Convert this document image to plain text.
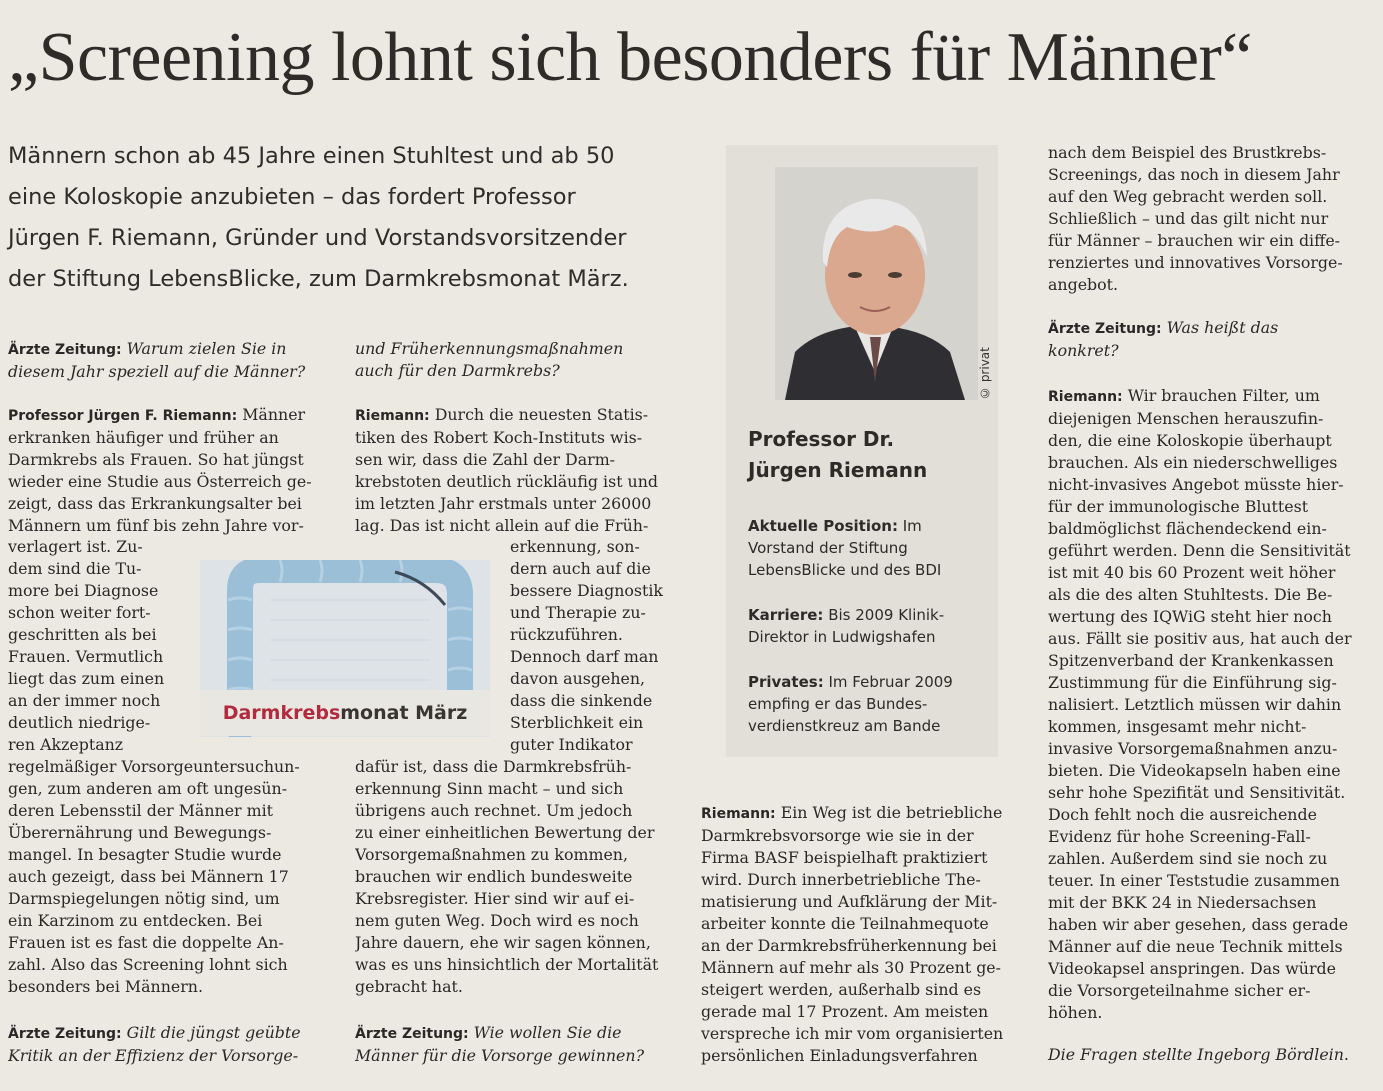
„Screening lohnt sich besonders für Männer“
Männern schon ab 45 Jahre einen Stuhltest und ab 50
eine Koloskopie anzubieten – das fordert Professor
Jürgen F. Riemann, Gründer und Vorstandsvorsitzender
der Stiftung LebensBlicke, zum Darmkrebsmonat März.
Ärzte Zeitung: Warum zielen Sie in
diesem Jahr speziell auf die Männer?
Professor Jürgen F. Riemann: Männer
erkranken häufiger und früher an
Darmkrebs als Frauen. So hat jüngst
wieder eine Studie aus Österreich ge-
zeigt, dass das Erkrankungsalter bei
Männern um fünf bis zehn Jahre vor-
verlagert ist. Zu-
dem sind die Tu-
more bei Diagnose
schon weiter fort-
geschritten als bei
Frauen. Vermutlich
liegt das zum einen
an der immer noch
deutlich niedrige-
ren Akzeptanz
regelmäßiger Vorsorgeuntersuchun-
gen, zum anderen am oft ungesün-
deren Lebensstil der Männer mit
Überernährung und Bewegungs-
mangel. In besagter Studie wurde
auch gezeigt, dass bei Männern 17
Darmspiegelungen nötig sind, um
ein Karzinom zu entdecken. Bei
Frauen ist es fast die doppelte An-
zahl. Also das Screening lohnt sich
besonders bei Männern.
Ärzte Zeitung: Gilt die jüngst geübte
Kritik an der Effizienz der Vorsorge-
Darmkrebs monat März
und Früherkennungsmaßnahmen
auch für den Darmkrebs?
Riemann: Durch die neuesten Statis-
tiken des Robert Koch-Instituts wis-
sen wir, dass die Zahl der Darm-
krebstoten deutlich rückläufig ist und
im letzten Jahr erstmals unter 26000
lag. Das ist nicht allein auf die Früh-
erkennung, son-
dern auch auf die
bessere Diagnostik
und Therapie zu-
rückzuführen.
Dennoch darf man
davon ausgehen,
dass die sinkende
Sterblichkeit ein
guter Indikator
dafür ist, dass die Darmkrebsfrüh-
erkennung Sinn macht – und sich
übrigens auch rechnet. Um jedoch
zu einer einheitlichen Bewertung der
Vorsorgemaßnahmen zu kommen,
brauchen wir endlich bundesweite
Krebsregister. Hier sind wir auf ei-
nem guten Weg. Doch wird es noch
Jahre dauern, ehe wir sagen können,
was es uns hinsichtlich der Mortalität
gebracht hat.
Ärzte Zeitung: Wie wollen Sie die
Männer für die Vorsorge gewinnen?
© privat
Professor Dr.
Jürgen Riemann
Aktuelle Position: Im
Vorstand der Stiftung
LebensBlicke und des BDI
Karriere: Bis 2009 Klinik-
Direktor in Ludwigshafen
Privates: Im Februar 2009
empfing er das Bundes-
verdienstkreuz am Bande
Riemann: Ein Weg ist die betriebliche
Darmkrebsvorsorge wie sie in der
Firma BASF beispielhaft praktiziert
wird. Durch innerbetriebliche The-
matisierung und Aufklärung der Mit-
arbeiter konnte die Teilnahmequote
an der Darmkrebsfrüherkennung bei
Männern auf mehr als 30 Prozent ge-
steigert werden, außerhalb sind es
gerade mal 17 Prozent. Am meisten
verspreche ich mir vom organisierten
persönlichen Einladungsverfahren
nach dem Beispiel des Brustkrebs-
Screenings, das noch in diesem Jahr
auf den Weg gebracht werden soll.
Schließlich – und das gilt nicht nur
für Männer – brauchen wir ein diffe-
renziertes und innovatives Vorsorge-
angebot.
Ärzte Zeitung: Was heißt das
konkret?
Riemann: Wir brauchen Filter, um
diejenigen Menschen herauszufin-
den, die eine Koloskopie überhaupt
brauchen. Als ein niederschwelliges
nicht-invasives Angebot müsste hier-
für der immunologische Bluttest
baldmöglichst flächendeckend ein-
geführt werden. Denn die Sensitivität
ist mit 40 bis 60 Prozent weit höher
als die des alten Stuhltests. Die Be-
wertung des IQWiG steht hier noch
aus. Fällt sie positiv aus, hat auch der
Spitzenverband der Krankenkassen
Zustimmung für die Einführung sig-
nalisiert. Letztlich müssen wir dahin
kommen, insgesamt mehr nicht-
invasive Vorsorgemaßnahmen anzu-
bieten. Die Videokapseln haben eine
sehr hohe Spezifität und Sensitivität.
Doch fehlt noch die ausreichende
Evidenz für hohe Screening-Fall-
zahlen. Außerdem sind sie noch zu
teuer. In einer Teststudie zusammen
mit der BKK 24 in Niedersachsen
haben wir aber gesehen, dass gerade
Männer auf die neue Technik mittels
Videokapsel anspringen. Das würde
die Vorsorgeteilnahme sicher er-
höhen.
Die Fragen stellte Ingeborg Bördlein.
